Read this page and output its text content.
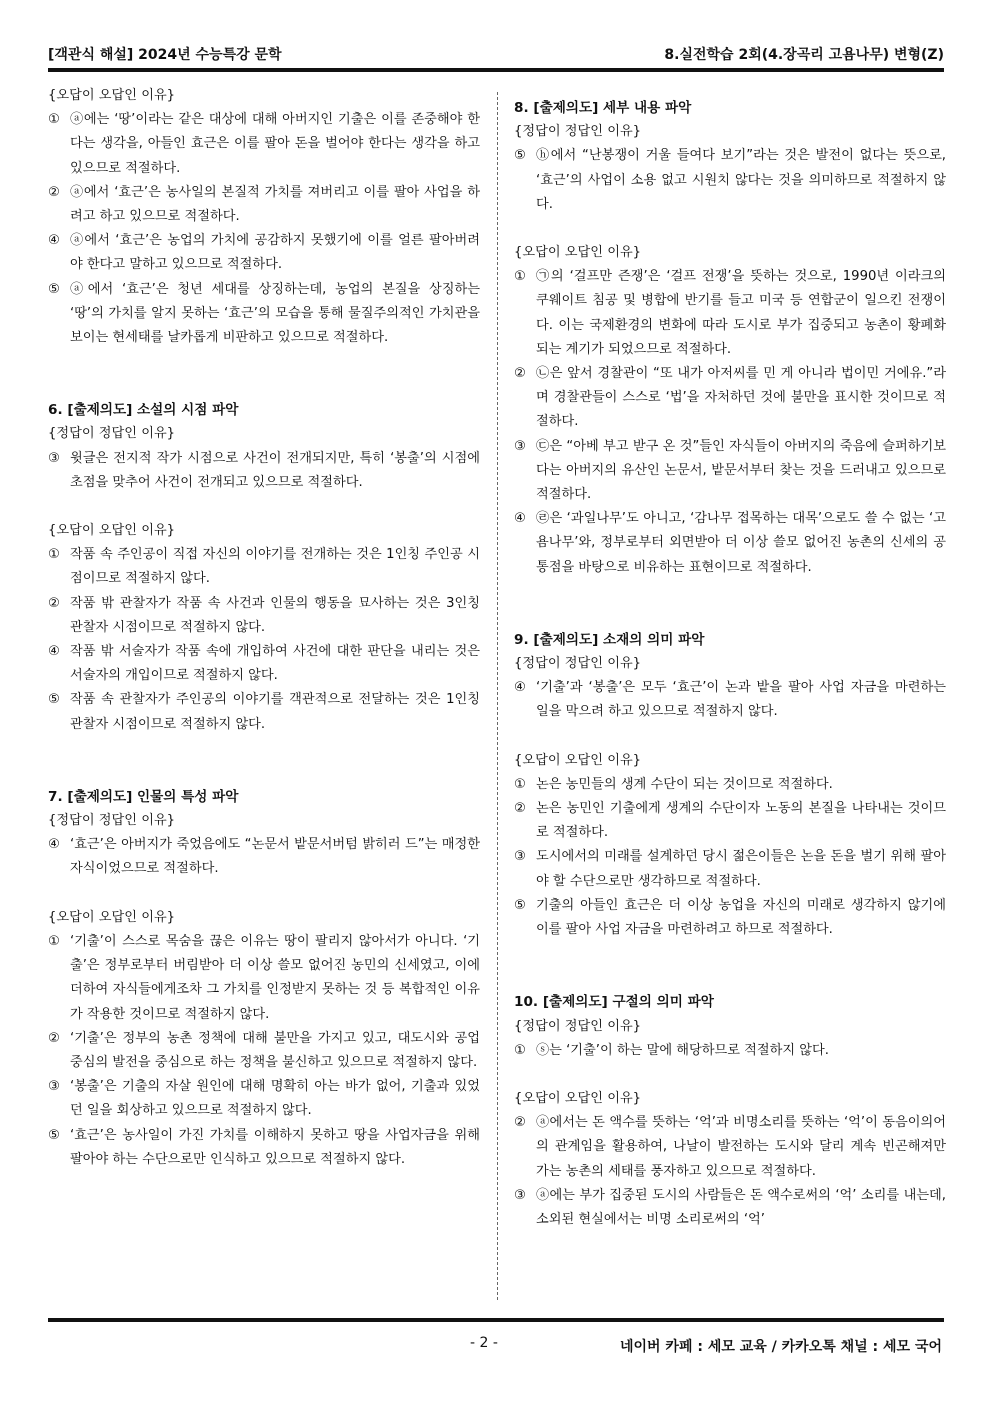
[객관식 해설] 2024년 수능특강 문학	8.실전학습 2회(4.장곡리 고욤나무) 변형(Z)
{오답이 오답인 이유}
① ⓐ에는 ‘땅’이라는 같은 대상에 대해 아버지인 기출은 이를 존중해야 한다는 생각을, 아들인 효근은 이를 팔아 돈을 벌어야 한다는 생각을 하고 있으므로 적절하다.
② ⓐ에서 ‘효근’은 농사일의 본질적 가치를 져버리고 이를 팔아 사업을 하려고 하고 있으므로 적절하다.
④ ⓐ에서 ‘효근’은 농업의 가치에 공감하지 못했기에 이를 얼른 팔아버려야 한다고 말하고 있으므로 적절하다.
⑤ ⓐ에서 ‘효근’은 청년 세대를 상징하는데, 농업의 본질을 상징하는 ‘땅’의 가치를 알지 못하는 ‘효근’의 모습을 통해 물질주의적인 가치관을 보이는 현세태를 날카롭게 비판하고 있으므로 적절하다.
6. [출제의도] 소설의 시점 파악
{정답이 정답인 이유}
③ 윗글은 전지적 작가 시점으로 사건이 전개되지만, 특히 ‘봉출’의 시점에 초점을 맞추어 사건이 전개되고 있으므로 적절하다.
{오답이 오답인 이유}
① 작품 속 주인공이 직접 자신의 이야기를 전개하는 것은 1인칭 주인공 시점이므로 적절하지 않다.
② 작품 밖 관찰자가 작품 속 사건과 인물의 행동을 묘사하는 것은 3인칭 관찰자 시점이므로 적절하지 않다.
④ 작품 밖 서술자가 작품 속에 개입하여 사건에 대한 판단을 내리는 것은 서술자의 개입이므로 적절하지 않다.
⑤ 작품 속 관찰자가 주인공의 이야기를 객관적으로 전달하는 것은 1인칭 관찰자 시점이므로 적절하지 않다.
7. [출제의도] 인물의 특성 파악
{정답이 정답인 이유}
④ ‘효근’은 아버지가 죽었음에도 “논문서 밭문서버텀 밝히러 드”는 매정한 자식이었으므로 적절하다.
{오답이 오답인 이유}
① ‘기출’이 스스로 목숨을 끊은 이유는 땅이 팔리지 않아서가 아니다. ‘기출’은 정부로부터 버림받아 더 이상 쓸모 없어진 농민의 신세였고, 이에 더하여 자식들에게조차 그 가치를 인정받지 못하는 것 등 복합적인 이유가 작용한 것이므로 적절하지 않다.
② ‘기출’은 정부의 농촌 정책에 대해 불만을 가지고 있고, 대도시와 공업 중심의 발전을 중심으로 하는 정책을 불신하고 있으므로 적절하지 않다.
③ ‘봉출’은 기출의 자살 원인에 대해 명확히 아는 바가 없어, 기출과 있었던 일을 회상하고 있으므로 적절하지 않다.
⑤ ‘효근’은 농사일이 가진 가치를 이해하지 못하고 땅을 사업자금을 위해 팔아야 하는 수단으로만 인식하고 있으므로 적절하지 않다.
8. [출제의도] 세부 내용 파악
{정답이 정답인 이유}
⑤ ⓗ에서 “난봉쟁이 거울 들여다 보기”라는 것은 발전이 없다는 뜻으로, ‘효근’의 사업이 소용 없고 시원치 않다는 것을 의미하므로 적절하지 않다.
{오답이 오답인 이유}
① ㉠의 ‘걸프만 즌쟁’은 ‘걸프 전쟁’을 뜻하는 것으로, 1990년 이라크의 쿠웨이트 침공 및 병합에 반기를 들고 미국 등 연합군이 일으킨 전쟁이다. 이는 국제환경의 변화에 따라 도시로 부가 집중되고 농촌이 황폐화되는 계기가 되었으므로 적절하다.
② ㉡은 앞서 경찰관이 “또 내가 아저씨를 민 게 아니라 법이민 거에유.”라며 경찰관들이 스스로 ‘법’을 자처하던 것에 불만을 표시한 것이므로 적절하다.
③ ㉢은 “아베 부고 받구 온 것”들인 자식들이 아버지의 죽음에 슬퍼하기보다는 아버지의 유산인 논문서, 밭문서부터 찾는 것을 드러내고 있으므로 적절하다.
④ ㉣은 ‘과일나무’도 아니고, ‘감나무 접목하는 대목’으로도 쓸 수 없는 ‘고욤나무’와, 정부로부터 외면받아 더 이상 쓸모 없어진 농촌의 신세의 공통점을 바탕으로 비유하는 표현이므로 적절하다.
9. [출제의도] 소재의 의미 파악
{정답이 정답인 이유}
④ ‘기출’과 ‘봉출’은 모두 ‘효근’이 논과 밭을 팔아 사업 자금을 마련하는 일을 막으려 하고 있으므로 적절하지 않다.
{오답이 오답인 이유}
① 논은 농민들의 생계 수단이 되는 것이므로 적절하다.
② 논은 농민인 기출에게 생계의 수단이자 노동의 본질을 나타내는 것이므로 적절하다.
③ 도시에서의 미래를 설계하던 당시 젊은이들은 논을 돈을 벌기 위해 팔아야 할 수단으로만 생각하므로 적절하다.
⑤ 기출의 아들인 효근은 더 이상 농업을 자신의 미래로 생각하지 않기에 이를 팔아 사업 자금을 마련하려고 하므로 적절하다.
10. [출제의도] 구절의 의미 파악
{정답이 정답인 이유}
① ⓢ는 ‘기출’이 하는 말에 해당하므로 적절하지 않다.
{오답이 오답인 이유}
② ⓐ에서는 돈 액수를 뜻하는 ‘억’과 비명소리를 뜻하는 ‘억’이 동음이의어의 관계임을 활용하여, 나날이 발전하는 도시와 달리 계속 빈곤해져만 가는 농촌의 세태를 풍자하고 있으므로 적절하다.
③ ⓐ에는 부가 집중된 도시의 사람들은 돈 액수로써의 ‘억’ 소리를 내는데, 소외된 현실에서는 비명 소리로써의 ‘억’
- 2 -	네이버 카페 : 세모 교육 / 카카오톡 채널 : 세모 국어
